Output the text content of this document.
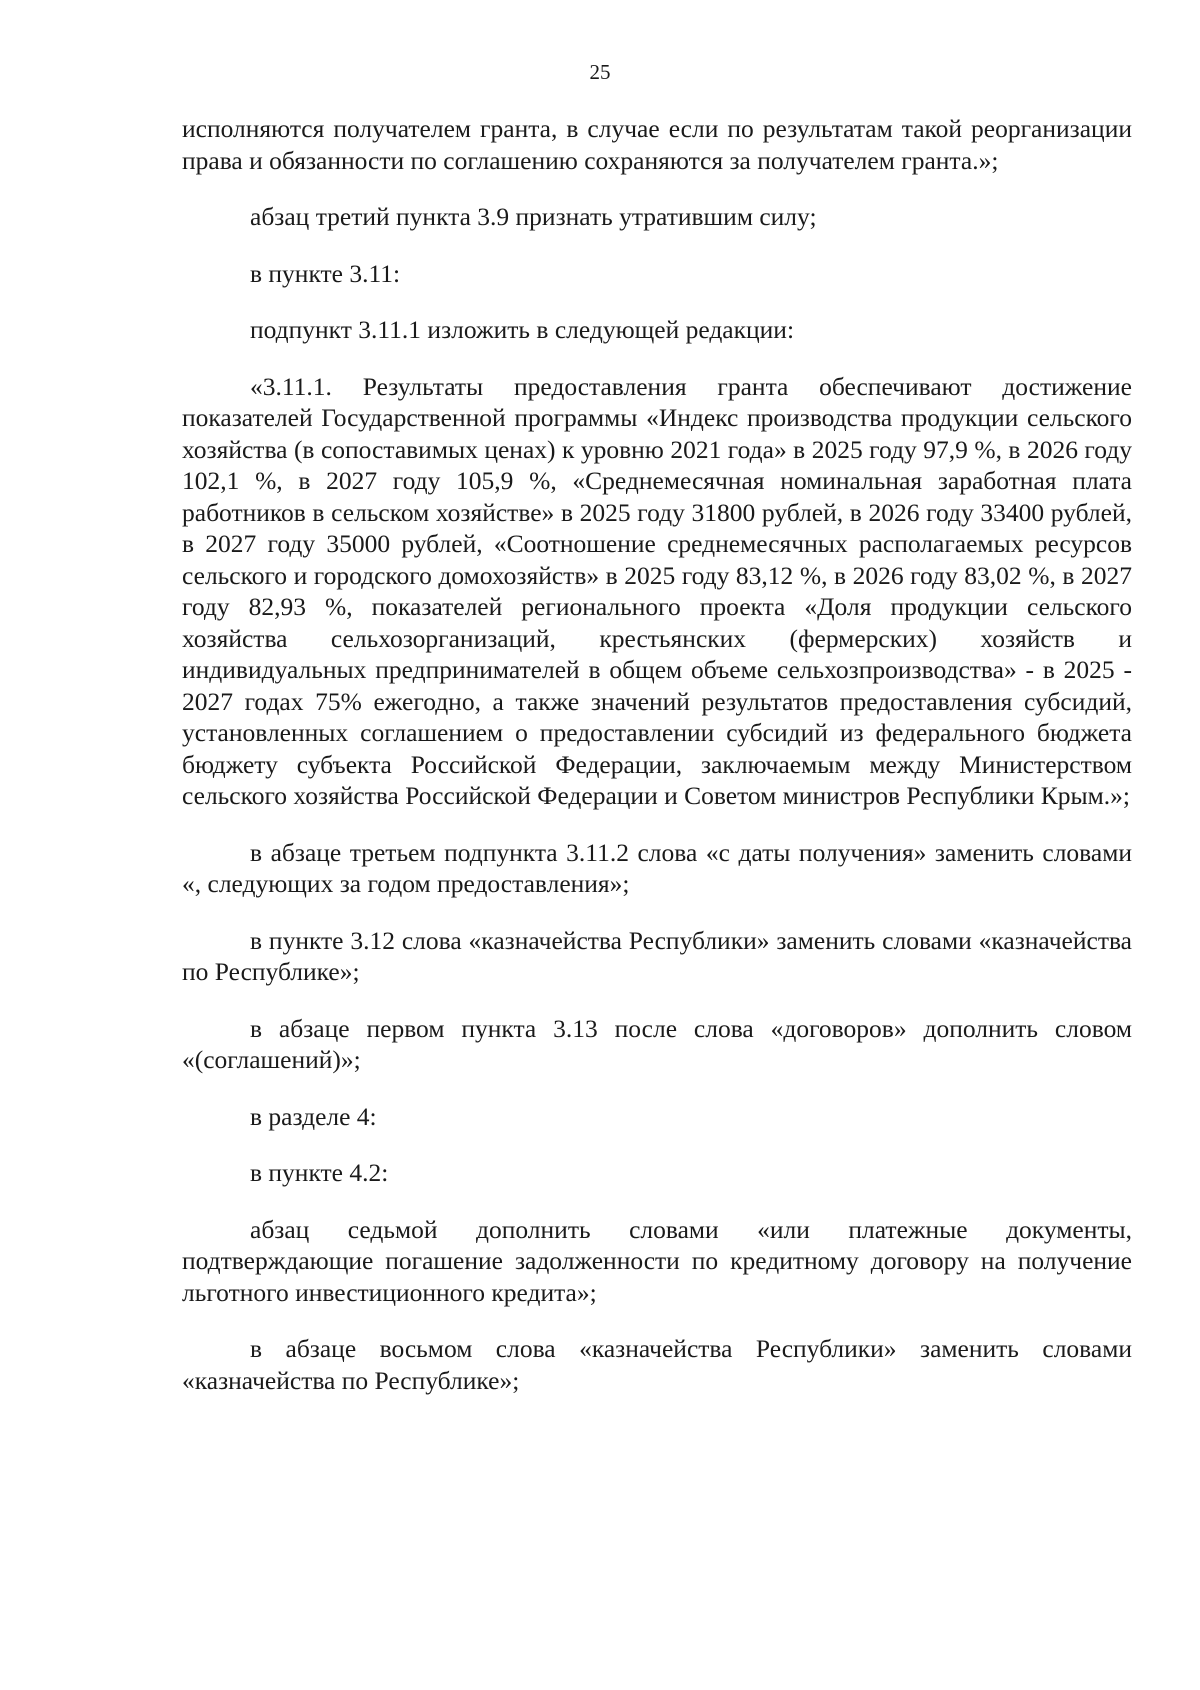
25

исполняются получателем гранта, в случае если по результатам такой реорганизации права и обязанности по соглашению сохраняются за получателем гранта.»;

абзац третий пункта 3.9 признать утратившим силу;

в пункте 3.11:

подпункт 3.11.1 изложить в следующей редакции:

«3.11.1. Результаты предоставления гранта обеспечивают достижение показателей Государственной программы «Индекс производства продукции сельского хозяйства (в сопоставимых ценах) к уровню 2021 года» в 2025 году 97,9 %, в 2026 году 102,1 %, в 2027 году 105,9 %, «Среднемесячная номинальная заработная плата работников в сельском хозяйстве» в 2025 году 31800 рублей, в 2026 году 33400 рублей, в 2027 году 35000 рублей, «Соотношение среднемесячных располагаемых ресурсов сельского и городского домохозяйств» в 2025 году 83,12 %, в 2026 году 83,02 %, в 2027 году 82,93 %, показателей регионального проекта «Доля продукции сельского хозяйства сельхозорганизаций, крестьянских (фермерских) хозяйств и индивидуальных предпринимателей в общем объеме сельхозпроизводства» - в 2025 - 2027 годах 75% ежегодно, а также значений результатов предоставления субсидий, установленных соглашением о предоставлении субсидий из федерального бюджета бюджету субъекта Российской Федерации, заключаемым между Министерством сельского хозяйства Российской Федерации и Советом министров Республики Крым.»;

в абзаце третьем подпункта 3.11.2 слова «с даты получения» заменить словами «, следующих за годом предоставления»;

в пункте 3.12 слова «казначейства Республики» заменить словами «казначейства по Республике»;

в абзаце первом пункта 3.13 после слова «договоров» дополнить словом «(соглашений)»;

в разделе 4:

в пункте 4.2:

абзац седьмой дополнить словами «или платежные документы, подтверждающие погашение задолженности по кредитному договору на получение льготного инвестиционного кредита»;

в абзаце восьмом слова «казначейства Республики» заменить словами «казначейства по Республике»;
